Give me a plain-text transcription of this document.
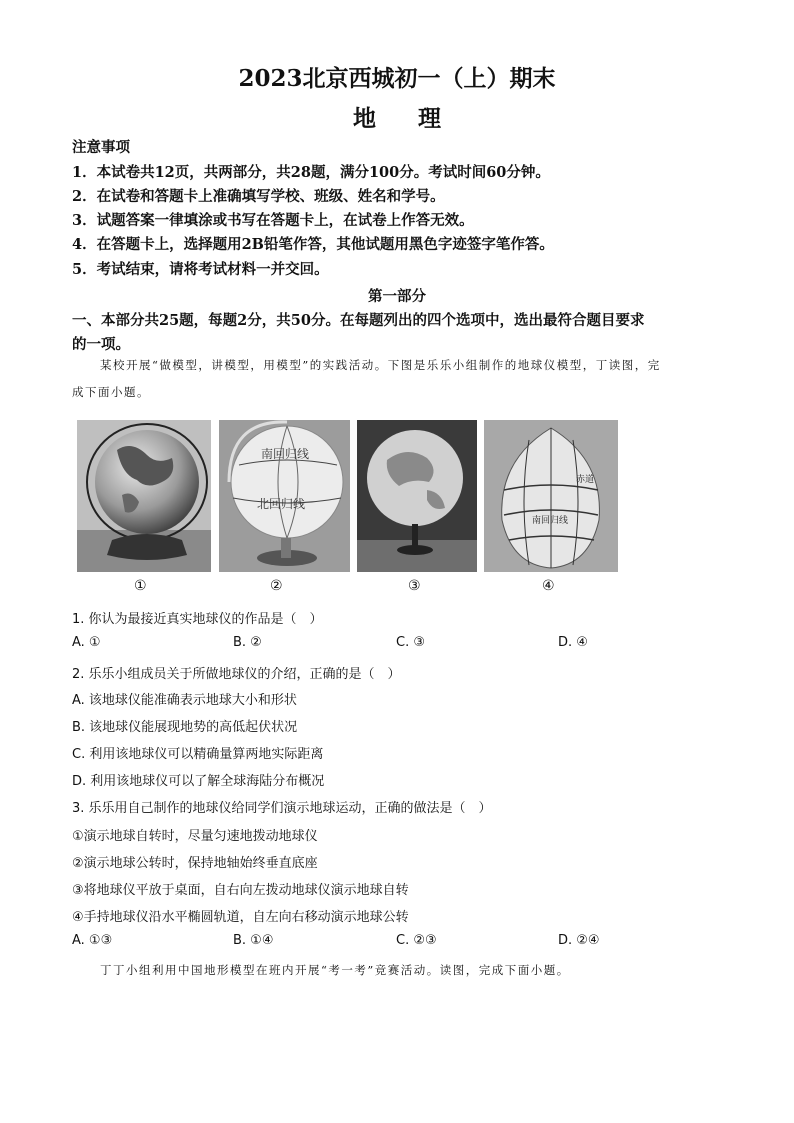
2023北京西城初一（上）期末
地理
注意事项
1．本试卷共12页，共两部分，共28题，满分100分。考试时间60分钟。
2．在试卷和答题卡上准确填写学校、班级、姓名和学号。
3．试题答案一律填涂或书写在答题卡上，在试卷上作答无效。
4．在答题卡上，选择题用2B铅笔作答，其他试题用黑色字迹签字笔作答。
5．考试结束，请将考试材料一并交回。
第一部分
一、本部分共25题，每题2分，共50分。在每题列出的四个选项中，选出最符合题目要求
的一项。
某校开展“做模型，讲模型，用模型”的实践活动。下图是乐乐小组制作的地球仪模型，丁读图，完
成下面小题。
南回归线
北回归线
南回归线
赤道
①	②	③	④
1. 你认为最接近真实地球仪的作品是（　）
A. ①	B. ②	C. ③	D. ④
2. 乐乐小组成员关于所做地球仪的介绍，正确的是（　）
A. 该地球仪能准确表示地球大小和形状
B. 该地球仪能展现地势的高低起伏状况
C. 利用该地球仪可以精确量算两地实际距离
D. 利用该地球仪可以了解全球海陆分布概况
3. 乐乐用自己制作的地球仪给同学们演示地球运动，正确的做法是（　）
①演示地球自转时，尽量匀速地拨动地球仪
②演示地球公转时，保持地轴始终垂直底座
③将地球仪平放于桌面，自右向左拨动地球仪演示地球自转
④手持地球仪沿水平椭圆轨道，自左向右移动演示地球公转
A. ①③	B. ①④	C. ②③	D. ②④
丁丁小组利用中国地形模型在班内开展“考一考”竞赛活动。读图，完成下面小题。
